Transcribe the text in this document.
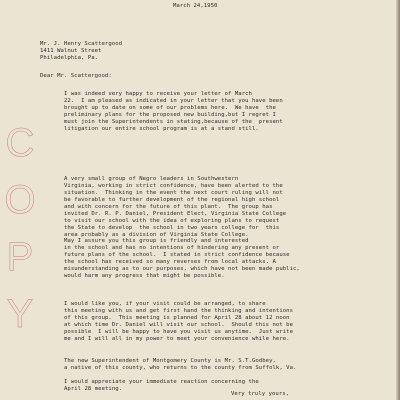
March 24,1950
Mr. J. Henry Scattergood
1411 Walnut Street
Philadelphia, Pa.
Dear Mr. Scattergood:
I was indeed very happy to receive your letter of March
22.  I am pleased as indicated in your letter that you have been
brought up to date on some of our problems here.  We have  the
preliminary plans for the proposed new building,but I regret I
must join the Superintendents in stating,because of the  present
litigation our entire school program is at a stand still.
A very small group of Negro leaders in Southwestern
Virginia, working in strict confidence, have been alerted to the
situation.  Thinking in the event the next court ruling will not
be favorable to further development of the regional high school
and with concern for the future of this plant.  The group has
invited Dr. R. P. Daniel, President Elect, Virginia State College
to visit our school with the idea of exploring plans to request
the State to develop  the school in two years college for  this
area probably as a division of Virginia State College.
May I assure you this group is friendly and interested
in the school and has no intentions of hindering any present or
future plans of the school.  I stated in strict confidence because
the school has received so many reverses from local attacks. A
misunderstanding as to our purposes, which have not been made public,
would harm any progress that might be possible.
I would like you, if your visit could be arranged, to share
this meeting with us and get first hand the thinking and intentions
of this group.  This meeting is planned for April 28 about 12 noon
at which time Dr. Daniel will visit our school.  Should this not be
possible  I will be happy to have you visit us anytime.  Just write
me and I will all in my power to meet your convenience while here.
The new Superintendent of Montgomery County is Mr. S.T.Godbey,
a native of this county, who returns to the county from Suffolk, Va.
I would appreciate your immediate reaction concerning the
April 28 meeting.
Very truly yours,
C
O
P
Y
